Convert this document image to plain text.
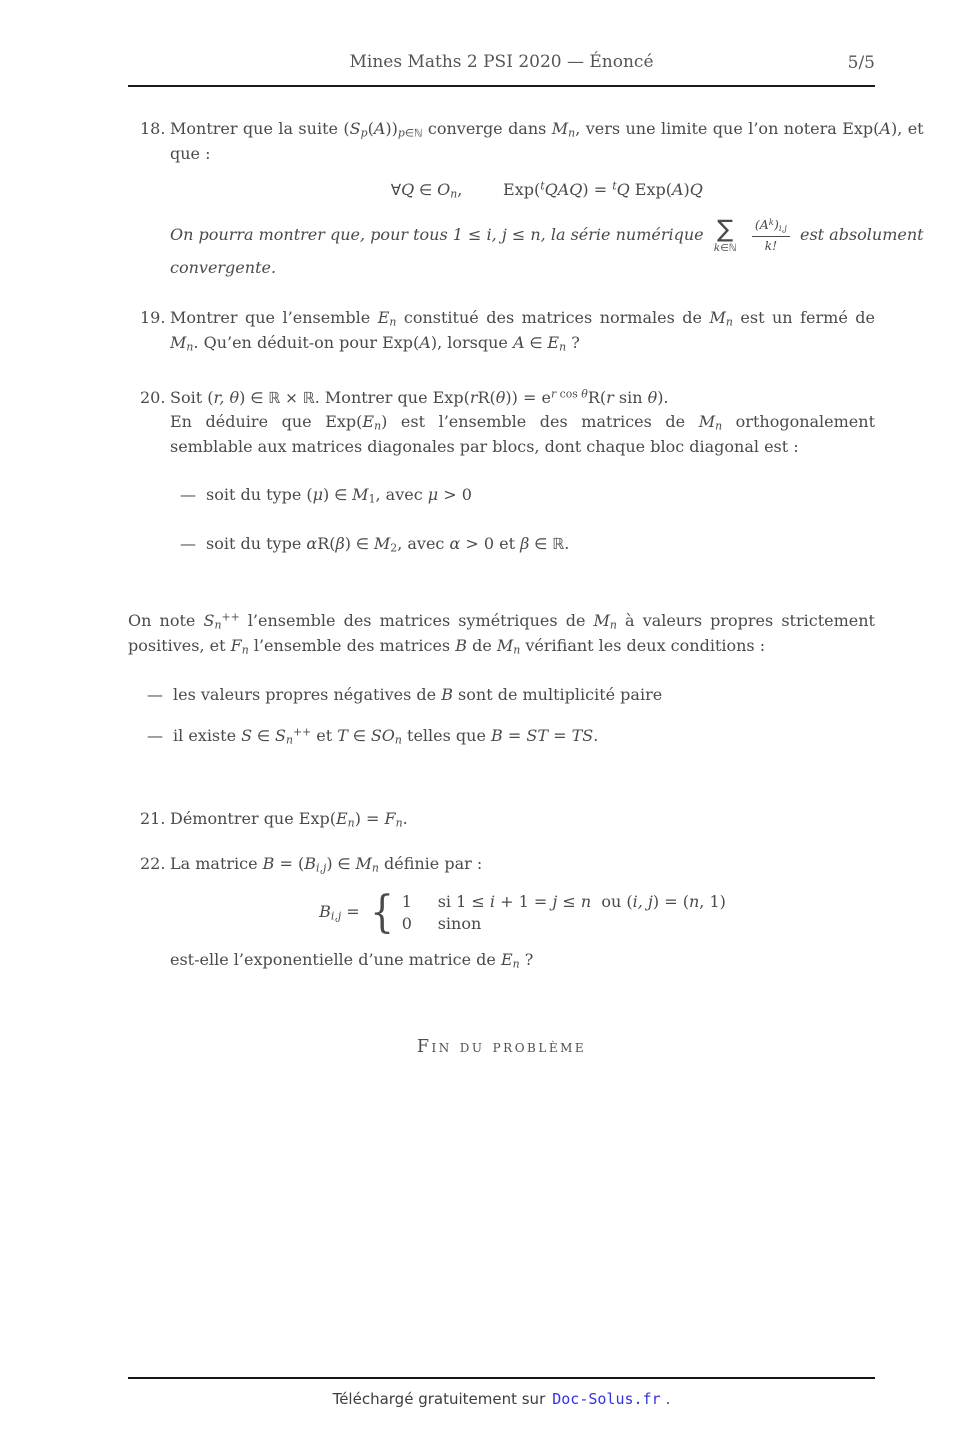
Mines Maths 2 PSI 2020 — Énoncé	5/5
18. Montrer que la suite (Sp(A))p∈ℕ converge dans Mn, vers une limite que l’on notera Exp(A), et que :
∀Q ∈ On,        Exp($^t$QAQ) = $^t$Q Exp(A)Q
On pourra montrer que, pour tous 1 ≤ i, j ≤ n, la série numérique ∑
k∈ℕ
$\frac{(A^k)i,j}{k!}$ est absolument
convergente.
19. Montrer que l’ensemble En constitué des matrices normales de Mn est un fermé de Mn. Qu’en déduit-on pour Exp(A), lorsque A ∈ En ?
20. Soit (r, θ) ∈ ℝ × ℝ. Montrer que $Exp(rR(\theta)) = e^r$ $^{cos}$ $^\theta$R(r sin θ).
En déduire que Exp(En) est l’ensemble des matrices de Mn orthogonalement semblable aux matrices diagonales par blocs, dont chaque bloc diagonal est :
— soit du type (μ) ∈ M1, avec μ > 0
— soit du type αR(β) ∈ M2, avec α > 0 et β ∈ ℝ.
On note Sn++ l’ensemble des matrices symétriques de Mn à valeurs propres strictement positives, et Fn l’ensemble des matrices B de Mn vérifiant les deux conditions :
— les valeurs propres négatives de B sont de multiplicité paire
— il existe S ∈ Sn++ et T ∈ SOn telles que B = ST = TS.
21. Démontrer que Exp(En) = Fn.
22. La matrice B = (Bi,j) ∈ Mn définie par :
Bi,j = { 1	si 1 ≤ i + 1 = j ≤ n  ou (i, j) = (n, 1)
0	sinon
est-elle l’exponentielle d’une matrice de En ?
Fin du problème
Téléchargé gratuitement sur Doc-Solus.fr .
